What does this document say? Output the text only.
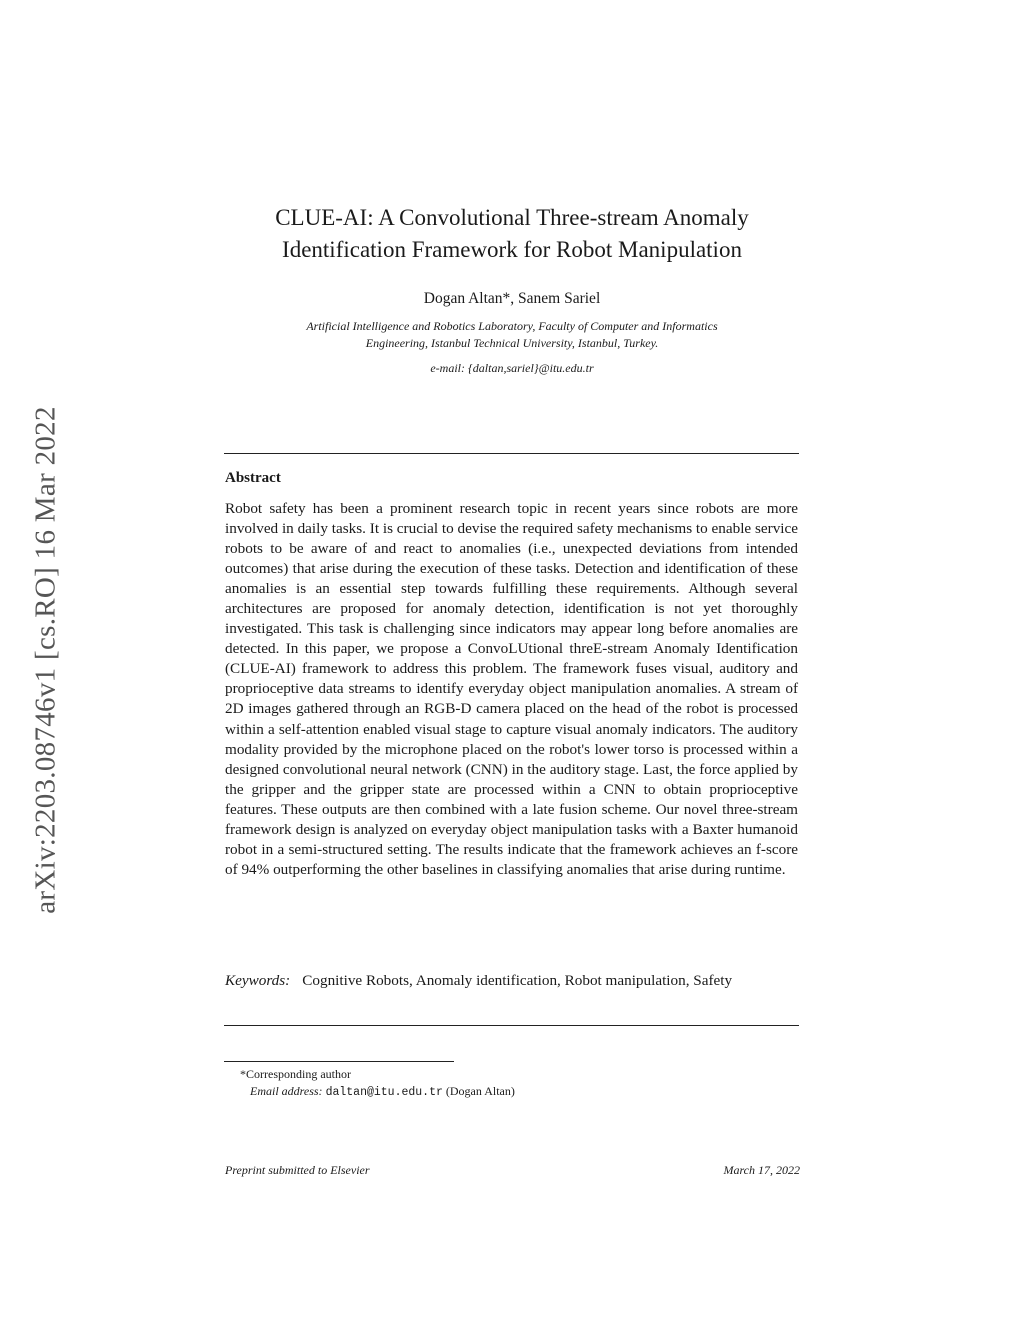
arXiv:2203.08746v1 [cs.RO] 16 Mar 2022
CLUE-AI: A Convolutional Three-stream Anomaly
Identification Framework for Robot Manipulation
Dogan Altan*, Sanem Sariel
Artificial Intelligence and Robotics Laboratory, Faculty of Computer and Informatics
Engineering, Istanbul Technical University, Istanbul, Turkey.
e-mail: {daltan,sariel}@itu.edu.tr
Abstract
Robot safety has been a prominent research topic in recent years since robots are more involved in daily tasks. It is crucial to devise the required safety mechanisms to enable service robots to be aware of and react to anomalies (i.e., unexpected deviations from intended outcomes) that arise during the execution of these tasks. Detection and identification of these anomalies is an essential step towards fulfilling these requirements. Although several architectures are proposed for anomaly detection, identification is not yet thoroughly investigated. This task is challenging since indicators may appear long before anomalies are detected. In this paper, we propose a ConvoLUtional threE-stream Anomaly Identification (CLUE-AI) framework to address this problem. The framework fuses visual, auditory and proprioceptive data streams to identify everyday object manipulation anomalies. A stream of 2D images gathered through an RGB-D camera placed on the head of the robot is processed within a self-attention enabled visual stage to capture visual anomaly indicators. The auditory modality provided by the microphone placed on the robot's lower torso is processed within a designed convolutional neural network (CNN) in the auditory stage. Last, the force applied by the gripper and the gripper state are processed within a CNN to obtain proprioceptive features. These outputs are then combined with a late fusion scheme. Our novel three-stream framework design is analyzed on everyday object manipulation tasks with a Baxter humanoid robot in a semi-structured setting. The results indicate that the framework achieves an f-score of 94% outperforming the other baselines in classifying anomalies that arise during runtime.
Keywords: Cognitive Robots, Anomaly identification, Robot manipulation, Safety
*Corresponding author
Email address: daltan@itu.edu.tr (Dogan Altan)
Preprint submitted to Elsevier	March 17, 2022
